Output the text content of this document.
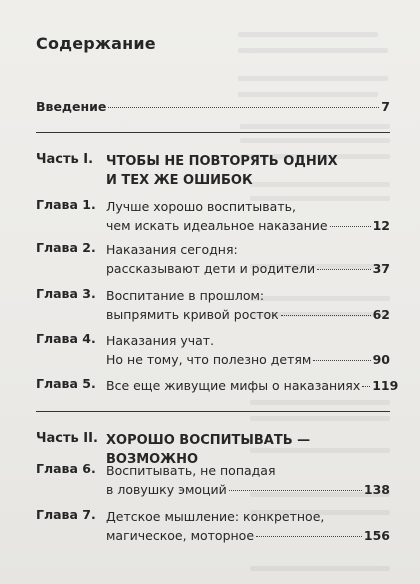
Содержание
Введение	7
Часть I. ЧТОБЫ НЕ ПОВТОРЯТЬ ОДНИХ
И ТЕХ ЖЕ ОШИБОК
Глава 1. Лучше хорошо воспитывать,
чем искать идеальное наказание	12
Глава 2. Наказания сегодня:
рассказывают дети и родители	37
Глава 3. Воспитание в прошлом:
выпрямить кривой росток	62
Глава 4. Наказания учат.
Но не тому, что полезно детям	90
Глава 5. Все еще живущие мифы о наказаниях 119
Часть II. ХОРОШО ВОСПИТЫВАТЬ — ВОЗМОЖНО
Глава 6. Воспитывать, не попадая
в ловушку эмоций	138
Глава 7. Детское мышление: конкретное,
магическое, моторное	156
